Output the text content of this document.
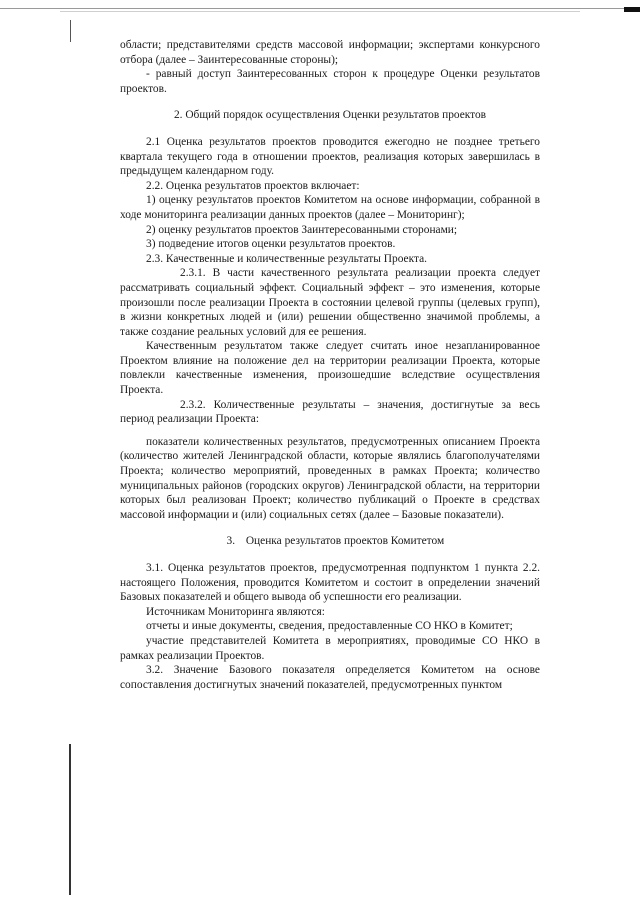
области; представителями средств массовой информации; экспертами конкурсного отбора (далее – Заинтересованные стороны);

- равный доступ Заинтересованных сторон к процедуре Оценки результатов проектов.

2. Общий порядок осуществления Оценки результатов проектов

2.1 Оценка результатов проектов проводится ежегодно не позднее третьего квартала текущего года в отношении проектов, реализация которых завершилась в предыдущем календарном году.

2.2. Оценка результатов проектов включает:

1) оценку результатов проектов Комитетом на основе информации, собранной в ходе мониторинга реализации данных проектов (далее – Мониторинг);

2) оценку результатов проектов Заинтересованными сторонами;

3) подведение итогов оценки результатов проектов.

2.3. Качественные и количественные результаты Проекта.

2.3.1. В части качественного результата реализации проекта следует рассматривать социальный эффект. Социальный эффект – это изменения, которые произошли после реализации Проекта в состоянии целевой группы (целевых групп), в жизни конкретных людей и (или) решении общественно значимой проблемы, а также создание реальных условий для ее решения.

Качественным результатом также следует считать иное незапланированное Проектом влияние на положение дел на территории реализации Проекта, которые повлекли качественные изменения, произошедшие вследствие осуществления Проекта.

2.3.2. Количественные результаты – значения, достигнутые за весь период реализации Проекта:

показатели количественных результатов, предусмотренных описанием Проекта (количество жителей Ленинградской области, которые являлись благополучателями Проекта; количество мероприятий, проведенных в рамках Проекта; количество муниципальных районов (городских округов) Ленинградской области, на территории которых был реализован Проект; количество публикаций о Проекте в средствах массовой информации и (или) социальных сетях (далее – Базовые показатели).

3. Оценка результатов проектов Комитетом

3.1. Оценка результатов проектов, предусмотренная подпунктом 1 пункта 2.2. настоящего Положения, проводится Комитетом и состоит в определении значений Базовых показателей и общего вывода об успешности его реализации.

Источникам Мониторинга являются:

отчеты и иные документы, сведения, предоставленные СО НКО в Комитет;

участие представителей Комитета в мероприятиях, проводимые СО НКО в рамках реализации Проектов.

3.2. Значение Базового показателя определяется Комитетом на основе сопоставления достигнутых значений показателей, предусмотренных пунктом
